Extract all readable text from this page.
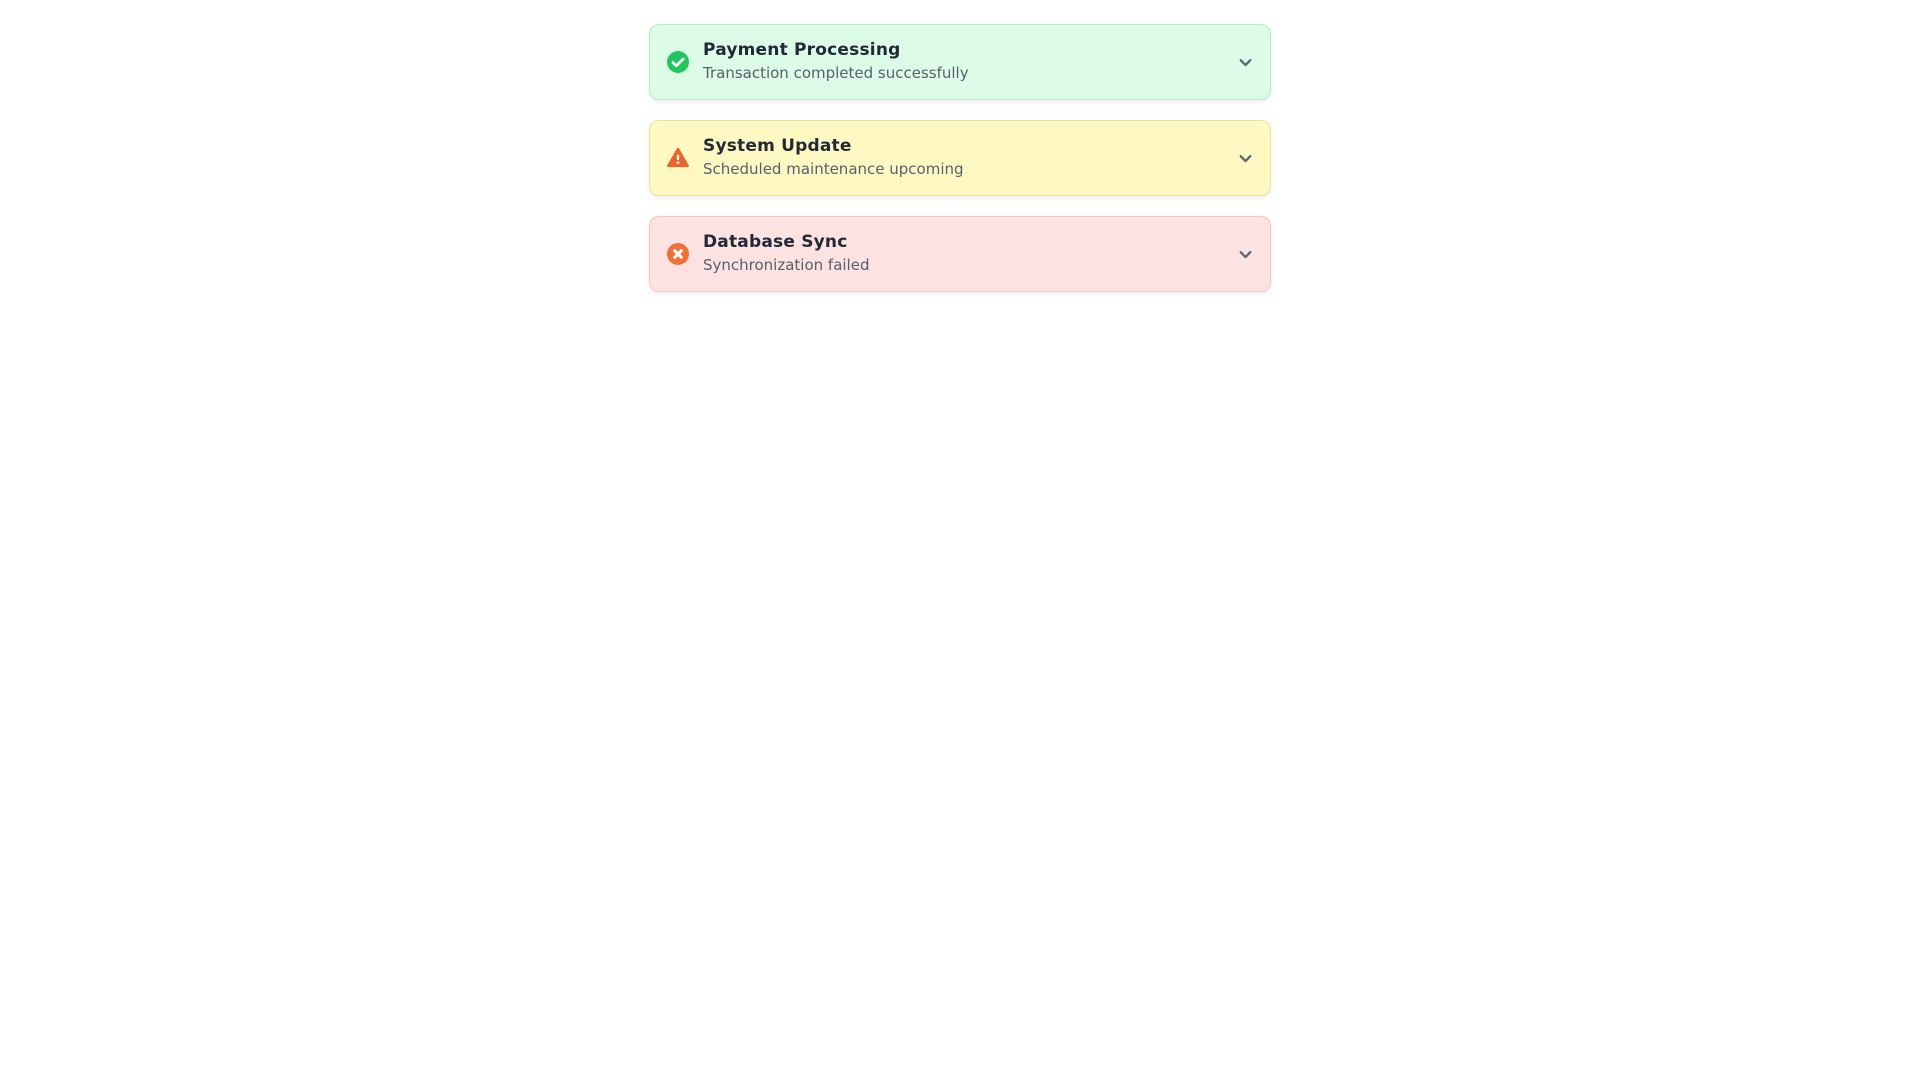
Payment Processing
Transaction completed successfully
System Update
Scheduled maintenance upcoming
Database Sync
Synchronization failed
